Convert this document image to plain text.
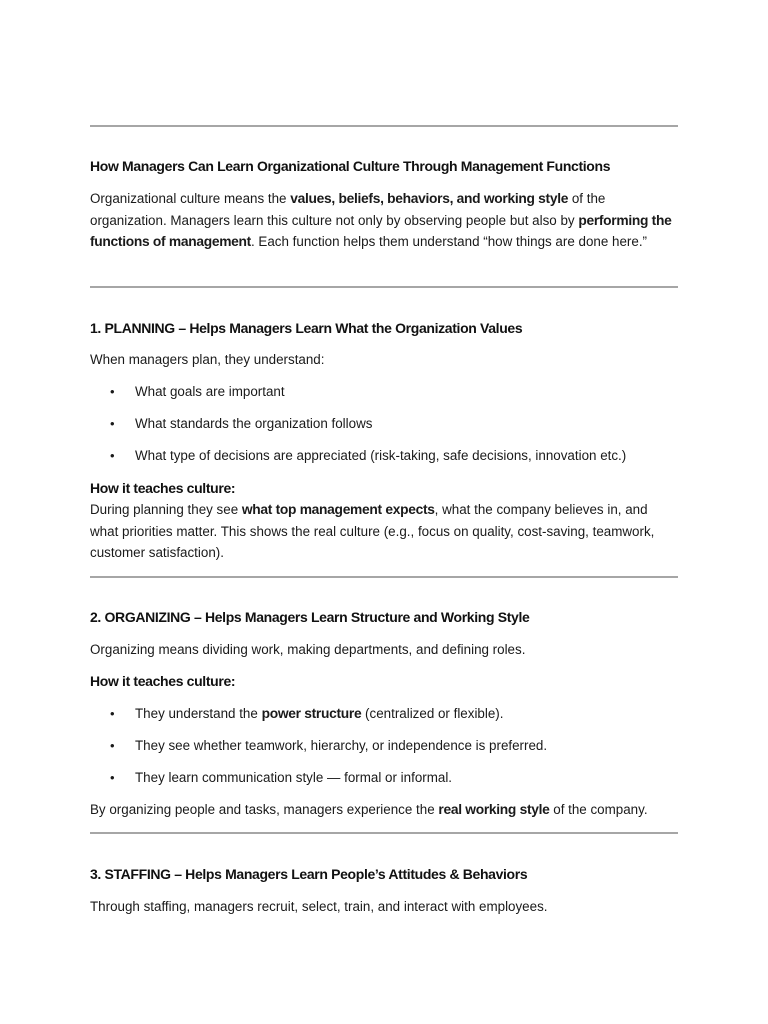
How Managers Can Learn Organizational Culture Through Management Functions
Organizational culture means the values, beliefs, behaviors, and working style of the organization. Managers learn this culture not only by observing people but also by performing the functions of management. Each function helps them understand “how things are done here.”
1. PLANNING – Helps Managers Learn What the Organization Values
When managers plan, they understand:
• What goals are important
• What standards the organization follows
• What type of decisions are appreciated (risk-taking, safe decisions, innovation etc.)
How it teaches culture:
During planning they see what top management expects, what the company believes in, and what priorities matter. This shows the real culture (e.g., focus on quality, cost-saving, teamwork, customer satisfaction).
2. ORGANIZING – Helps Managers Learn Structure and Working Style
Organizing means dividing work, making departments, and defining roles.
How it teaches culture:
• They understand the power structure (centralized or flexible).
• They see whether teamwork, hierarchy, or independence is preferred.
• They learn communication style — formal or informal.
By organizing people and tasks, managers experience the real working style of the company.
3. STAFFING – Helps Managers Learn People’s Attitudes & Behaviors
Through staffing, managers recruit, select, train, and interact with employees.
